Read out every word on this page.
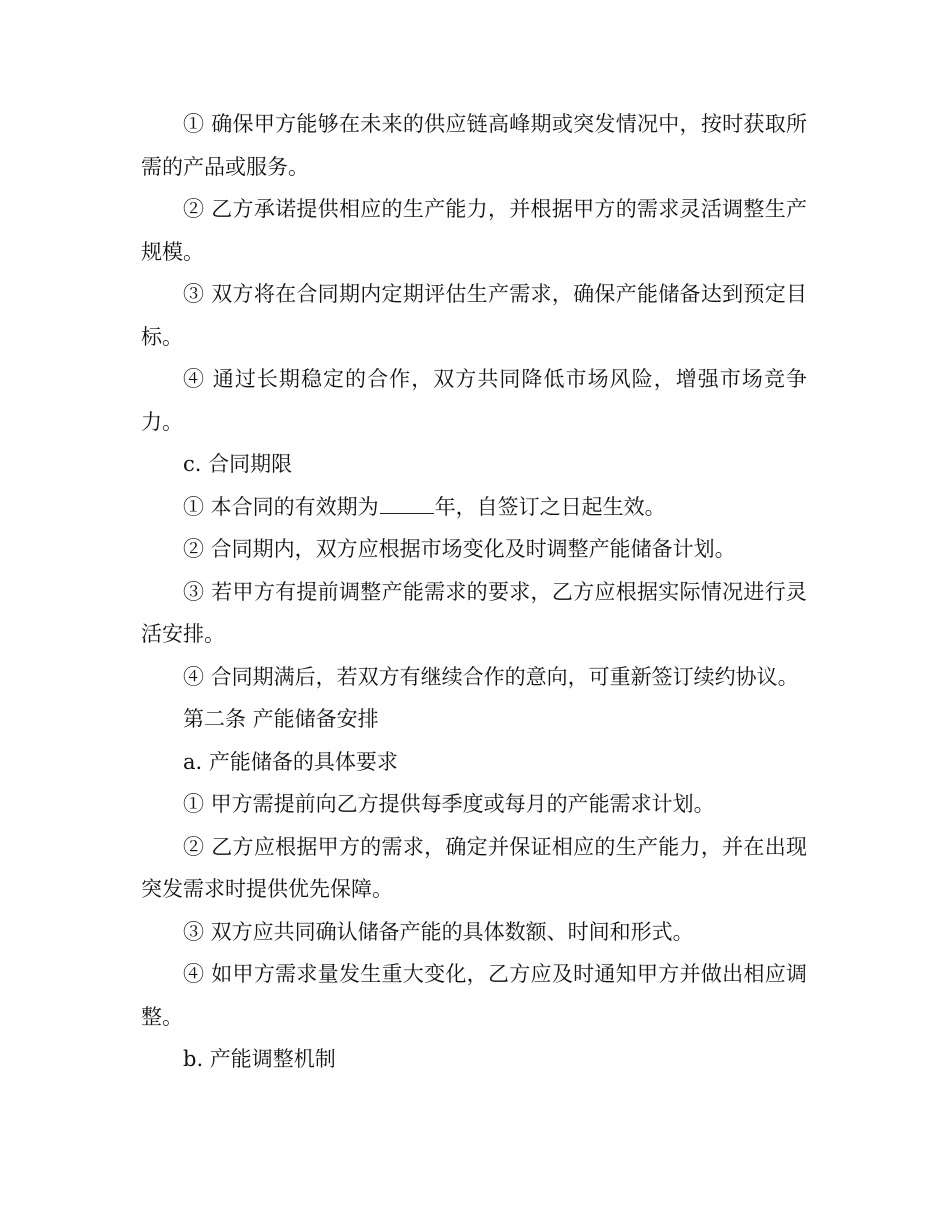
① 确保甲方能够在未来的供应链高峰期或突发情况中，按时获取所需的产品或服务。

② 乙方承诺提供相应的生产能力，并根据甲方的需求灵活调整生产规模。

③ 双方将在合同期内定期评估生产需求，确保产能储备达到预定目标。

④ 通过长期稳定的合作，双方共同降低市场风险，增强市场竞争力。

c. 合同期限

① 本合同的有效期为	年，自签订之日起生效。

② 合同期内，双方应根据市场变化及时调整产能储备计划。

③ 若甲方有提前调整产能需求的要求，乙方应根据实际情况进行灵活安排。

④ 合同期满后，若双方有继续合作的意向，可重新签订续约协议。

第二条 产能储备安排

a. 产能储备的具体要求

① 甲方需提前向乙方提供每季度或每月的产能需求计划。

② 乙方应根据甲方的需求，确定并保证相应的生产能力，并在出现突发需求时提供优先保障。

③ 双方应共同确认储备产能的具体数额、时间和形式。

④ 如甲方需求量发生重大变化，乙方应及时通知甲方并做出相应调整。

b. 产能调整机制
